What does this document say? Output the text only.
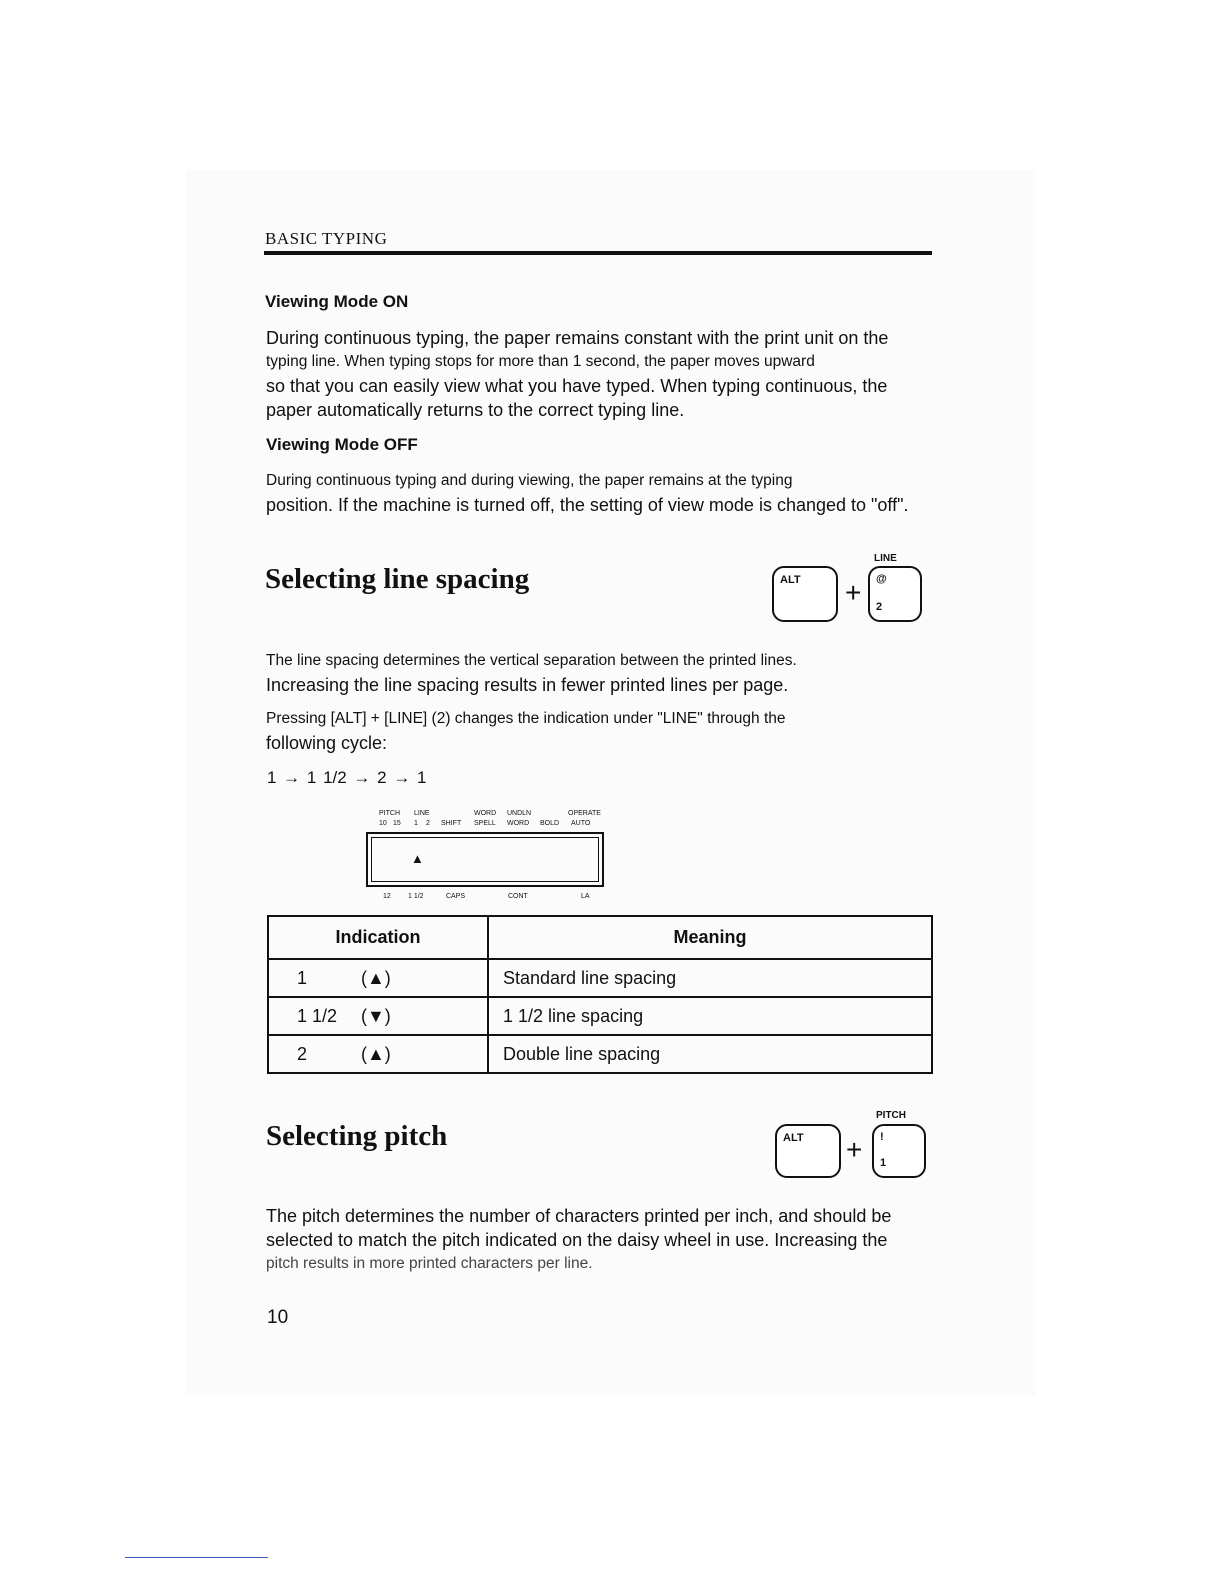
BASIC TYPING
Viewing Mode ON
During continuous typing, the paper remains constant with the print unit on the
typing line. When typing stops for more than 1 second, the paper moves upward
so that you can easily view what you have typed. When typing continuous, the
paper automatically returns to the correct typing line.
Viewing Mode OFF
During continuous typing and during viewing, the paper remains at the typing
position. If the machine is turned off, the setting of view mode is changed to "off".
Selecting line spacing
LINE
ALT + @
2
The line spacing determines the vertical separation between the printed lines.
Increasing the line spacing results in fewer printed lines per page.
Pressing [ALT] + [LINE] (2) changes the indication under "LINE" through the
following cycle:
1 → 1 1/2 → 2 → 1
PITCH LINE	WORD UNDLN	OPERATE
10 15 1 2 SHIFT SPELL WORD BOLD AUTO
▲
12 1 1/2	CAPS	CONT	LA
Indication	Meaning
1 (▲)	Standard line spacing
1 1/2 (▼)	1 1/2 line spacing
2 (▲)	Double line spacing
Selecting pitch
PITCH
ALT + !
1
The pitch determines the number of characters printed per inch, and should be
selected to match the pitch indicated on the daisy wheel in use. Increasing the
pitch results in more printed characters per line.
10
